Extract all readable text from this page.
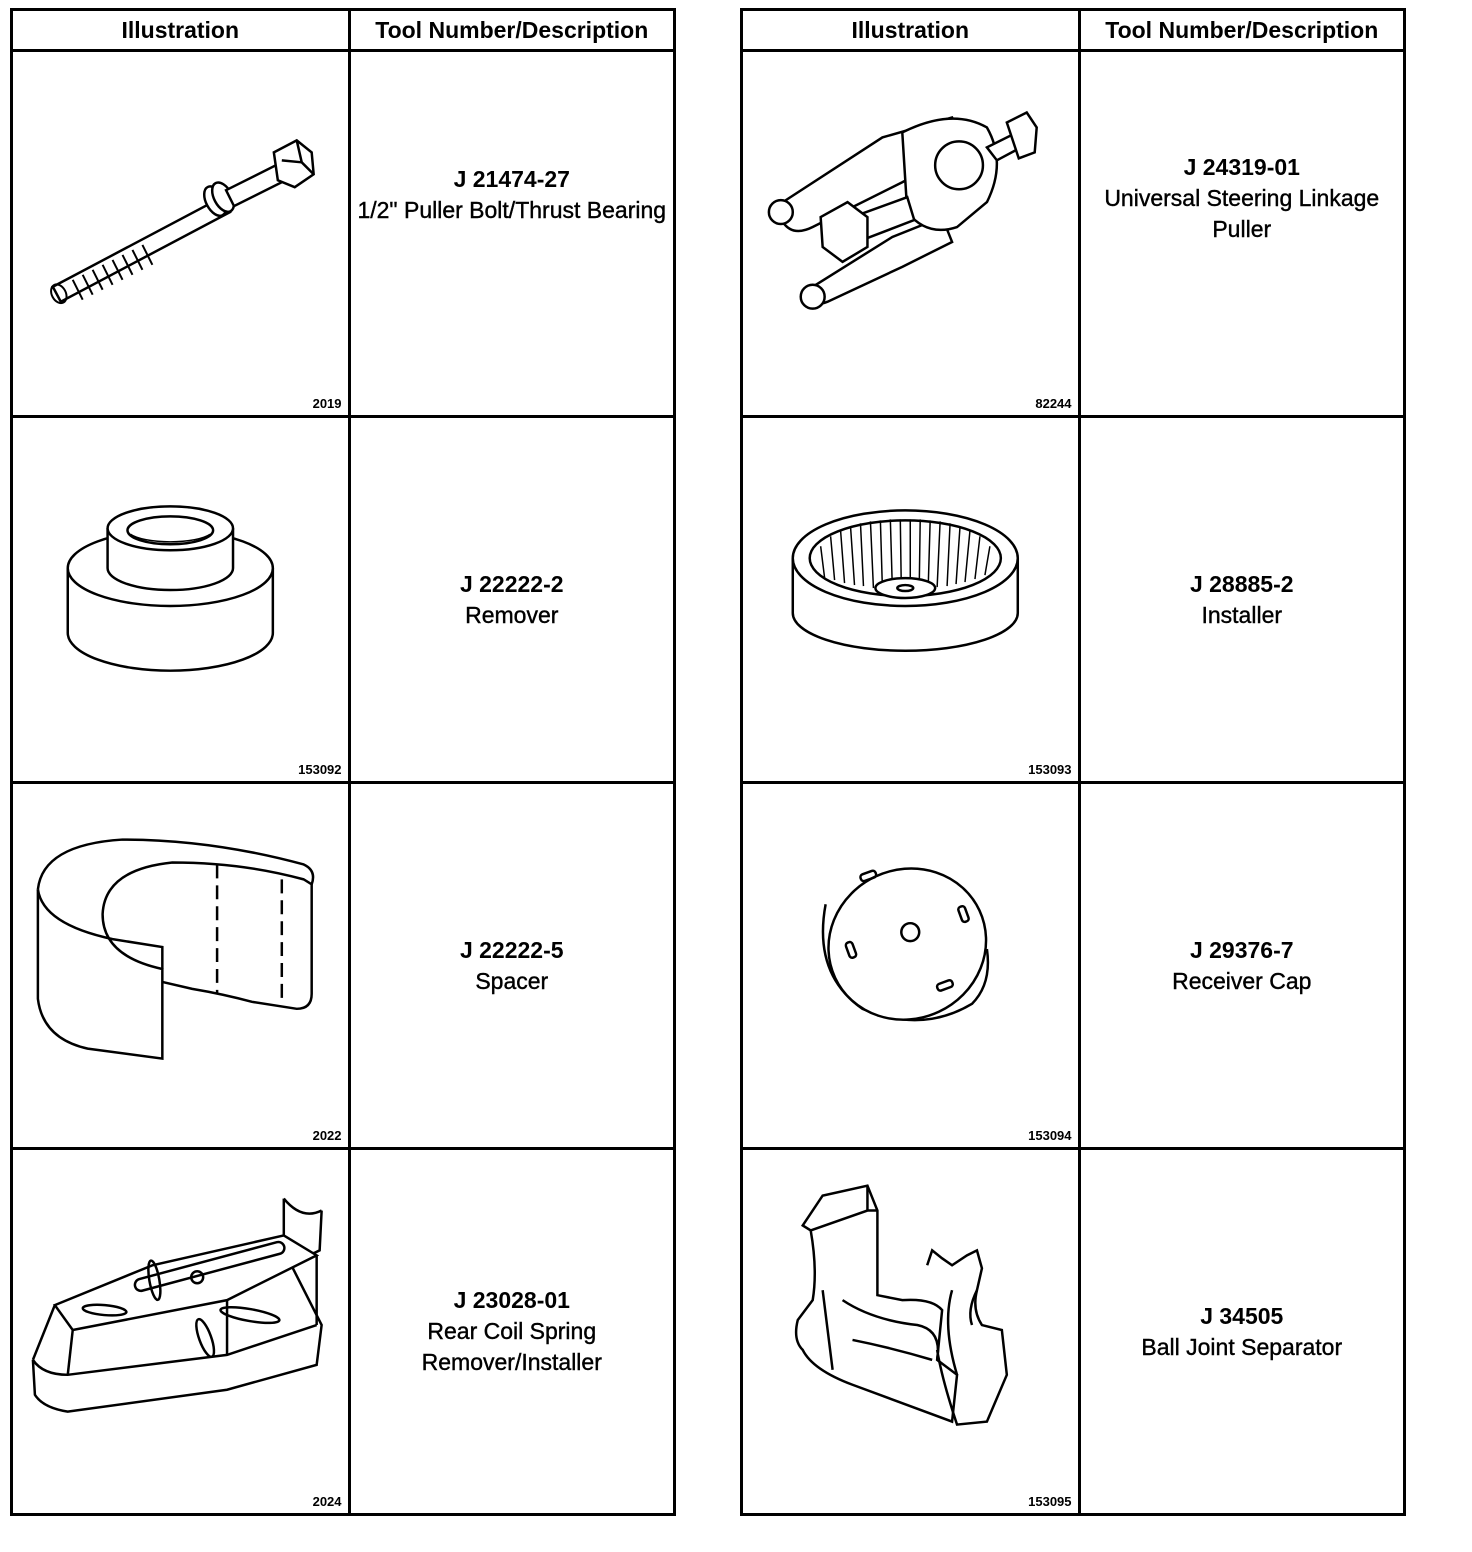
Illustration	Tool Number/Description

2019	J 21474-27
1/2" Puller Bolt/Thrust Bearing

153092	J 22222-2
Remover

2022	J 22222-5
Spacer

2024	J 23028-01
Rear Coil Spring Remover/Installer
Illustration	Tool Number/Description

82244	J 24319-01
Universal Steering Linkage Puller

153093	J 28885-2
Installer

153094	J 29376-7
Receiver Cap

153095	J 34505
Ball Joint Separator
